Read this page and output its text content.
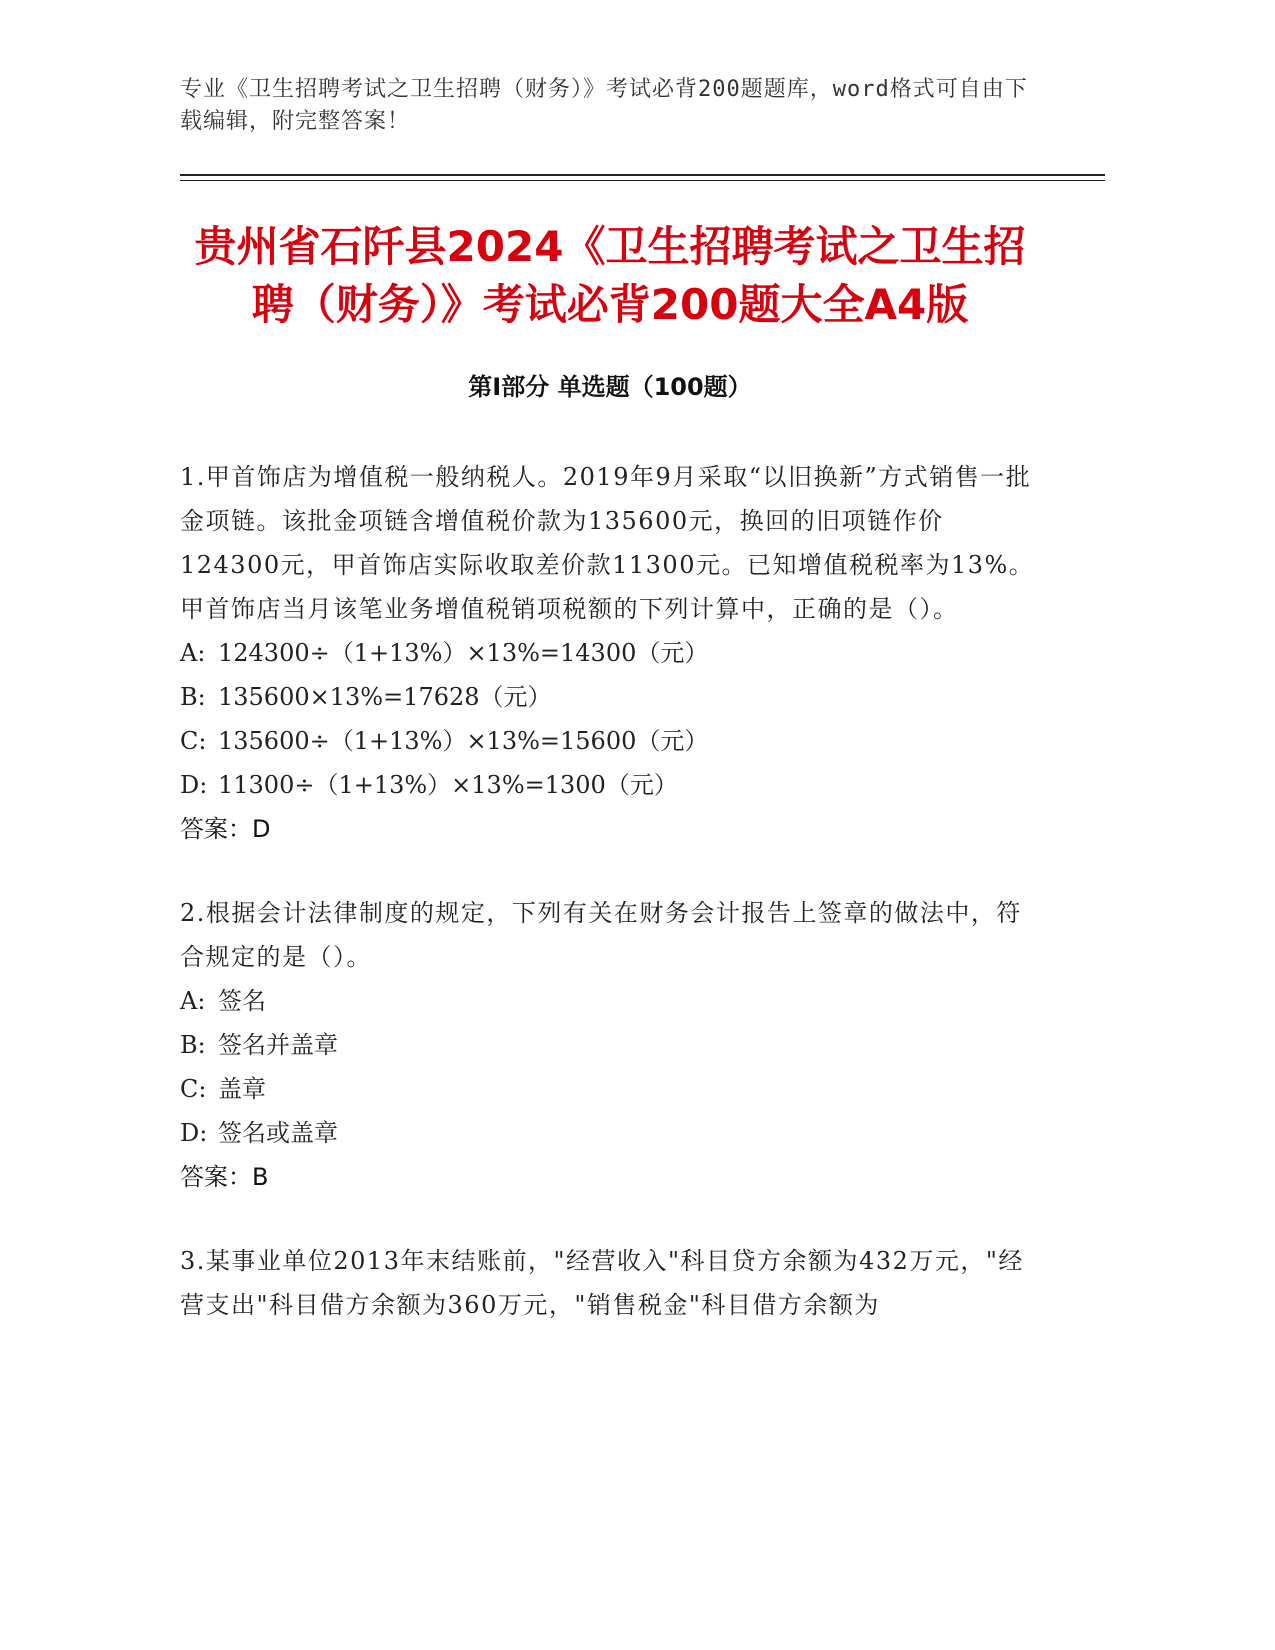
专业《卫生招聘考试之卫生招聘（财务）》考试必背200题题库，word格式可自由下载编辑，附完整答案！
贵州省石阡县2024《卫生招聘考试之卫生招聘（财务）》考试必背200题大全A4版
第I部分 单选题（100题）

1.甲首饰店为增值税一般纳税人。2019年9月采取“以旧换新”方式销售一批金项链。该批金项链含增值税价款为135600元，换回的旧项链作价124300元，甲首饰店实际收取差价款11300元。已知增值税税率为13%。甲首饰店当月该笔业务增值税销项税额的下列计算中，正确的是（）。

A: 124300÷（1+13%）×13%=14300（元）
B: 135600×13%=17628（元）
C: 135600÷（1+13%）×13%=15600（元）
D: 11300÷（1+13%）×13%=1300（元）
答案：D

2.根据会计法律制度的规定，下列有关在财务会计报告上签章的做法中，符合规定的是（）。

A: 签名
B: 签名并盖章
C: 盖章
D: 签名或盖章
答案：B

3.某事业单位2013年末结账前，"经营收入"科目贷方余额为432万元，"经营支出"科目借方余额为360万元，"销售税金"科目借方余额为
